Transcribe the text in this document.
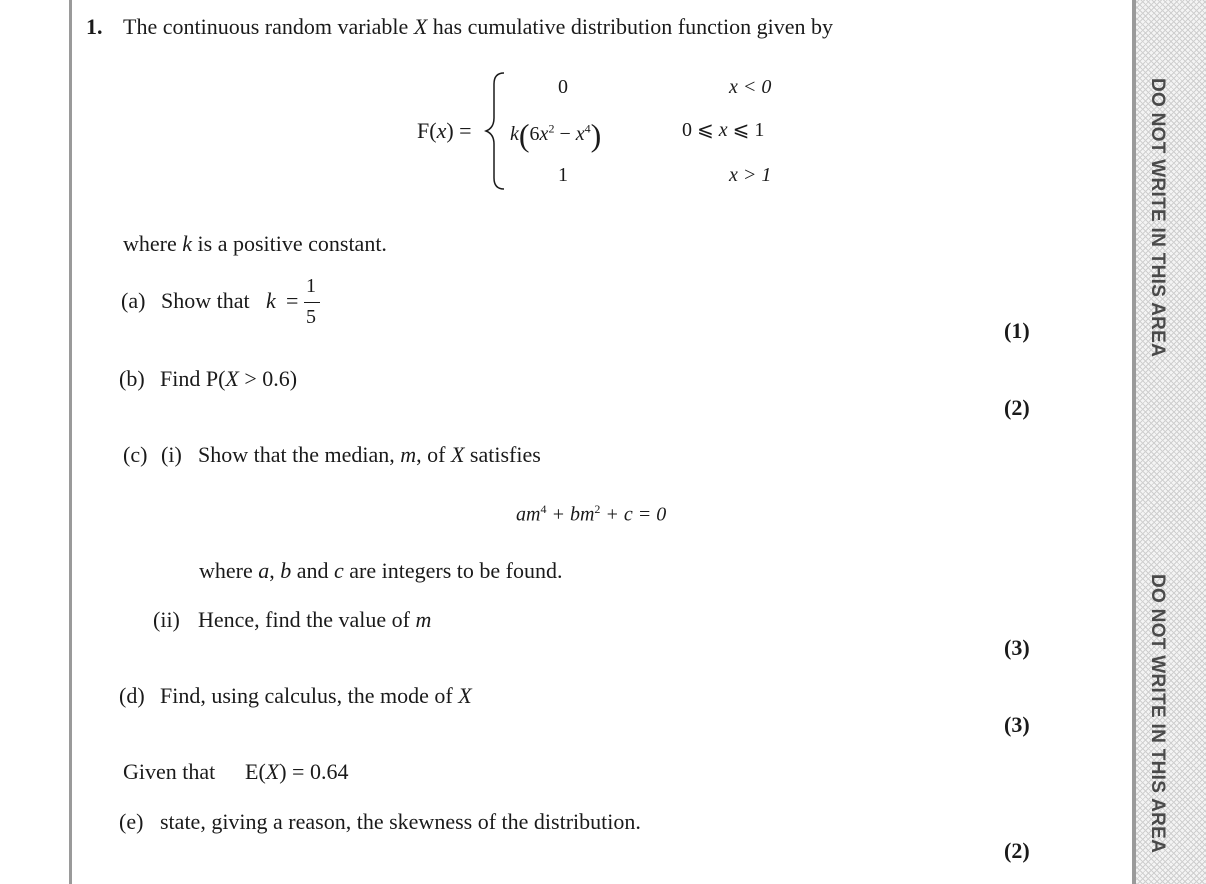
DO NOT WRITE IN THIS AREA
DO NOT WRITE IN THIS AREA
1. The continuous random variable X has cumulative distribution function given by
F(x) =
0	x < 0
$k(6x^2 - x^4)$	0 ⩽ x ⩽ 1
1	x > 1
where k is a positive constant.
(a) Show that k =
1
5
(1)
(b) Find P(X > 0.6)
(2)
(c) (i) Show that the median, m, of X satisfies
$am^4 + bm^2 + c = 0$
where a, b and c are integers to be found.
(ii) Hence, find the value of m
(3)
(d) Find, using calculus, the mode of X
(3)
Given that E(X) = 0.64
(e) state, giving a reason, the skewness of the distribution.
(2)
